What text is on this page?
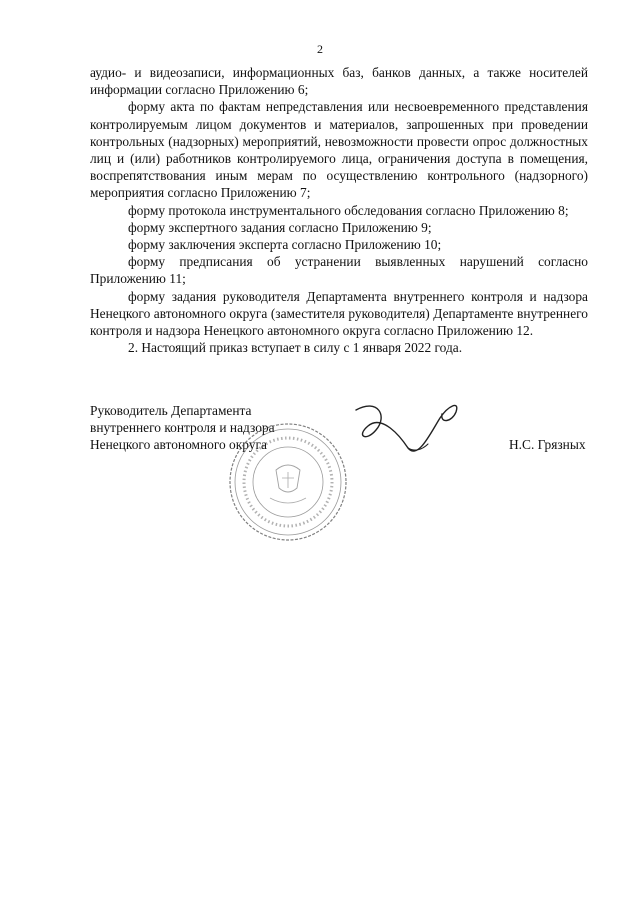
2

аудио- и видеозаписи, информационных баз, банков данных, а также носителей информации согласно Приложению 6;

форму акта по фактам непредставления или несвоевременного представления контролируемым лицом документов и материалов, запрошенных при проведении контрольных (надзорных) мероприятий, невозможности провести опрос должностных лиц и (или) работников контролируемого лица, ограничения доступа в помещения, воспрепятствования иным мерам по осуществлению контрольного (надзорного) мероприятия согласно Приложению 7;

форму протокола инструментального обследования согласно Приложению 8;

форму экспертного задания согласно Приложению 9;

форму заключения эксперта согласно Приложению 10;

форму предписания об устранении выявленных нарушений согласно Приложению 11;

форму задания руководителя Департамента внутреннего контроля и надзора Ненецкого автономного округа (заместителя руководителя) Департаменте внутреннего контроля и надзора Ненецкого автономного округа согласно Приложению 12.

2. Настоящий приказ вступает в силу с 1 января 2022 года.

Руководитель Департамента
внутреннего контроля и надзора
Ненецкого автономного округа	Н.С. Грязных
